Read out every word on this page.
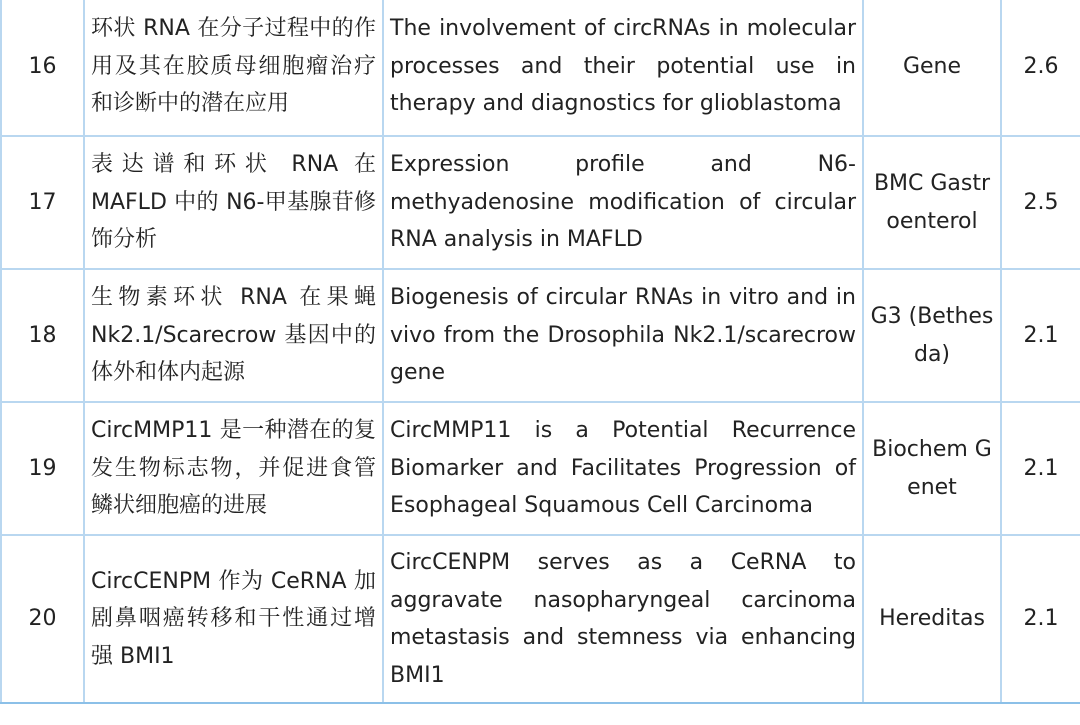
16	环状 RNA 在分子过程中的作用及其在胶质母细胞瘤治疗和诊断中的潜在应用	The involvement of circRNAs in molecular processes and their potential use in therapy and diagnostics for glioblastoma	Gene	2.6
17	表达谱和环状 RNA 在 MAFLD 中的 N6-甲基腺苷修饰分析	Expression profile and N6-methyadenosine modification of circular RNA analysis in MAFLD	BMC Gastroenterol	2.5
18	生物素环状 RNA 在果蝇 Nk2.1/Scarecrow 基因中的体外和体内起源	Biogenesis of circular RNAs in vitro and in vivo from the Drosophila Nk2.1/scarecrow gene	G3 (Bethesda)	2.1
19	CircMMP11 是一种潜在的复发生物标志物，并促进食管鳞状细胞癌的进展	CircMMP11 is a Potential Recurrence Biomarker and Facilitates Progression of Esophageal Squamous Cell Carcinoma	Biochem Genet	2.1
20	CircCENPM 作为 CeRNA 加剧鼻咽癌转移和干性通过增强 BMI1	CircCENPM serves as a CeRNA to aggravate nasopharyngeal carcinoma metastasis and stemness via enhancing BMI1	Hereditas	2.1
